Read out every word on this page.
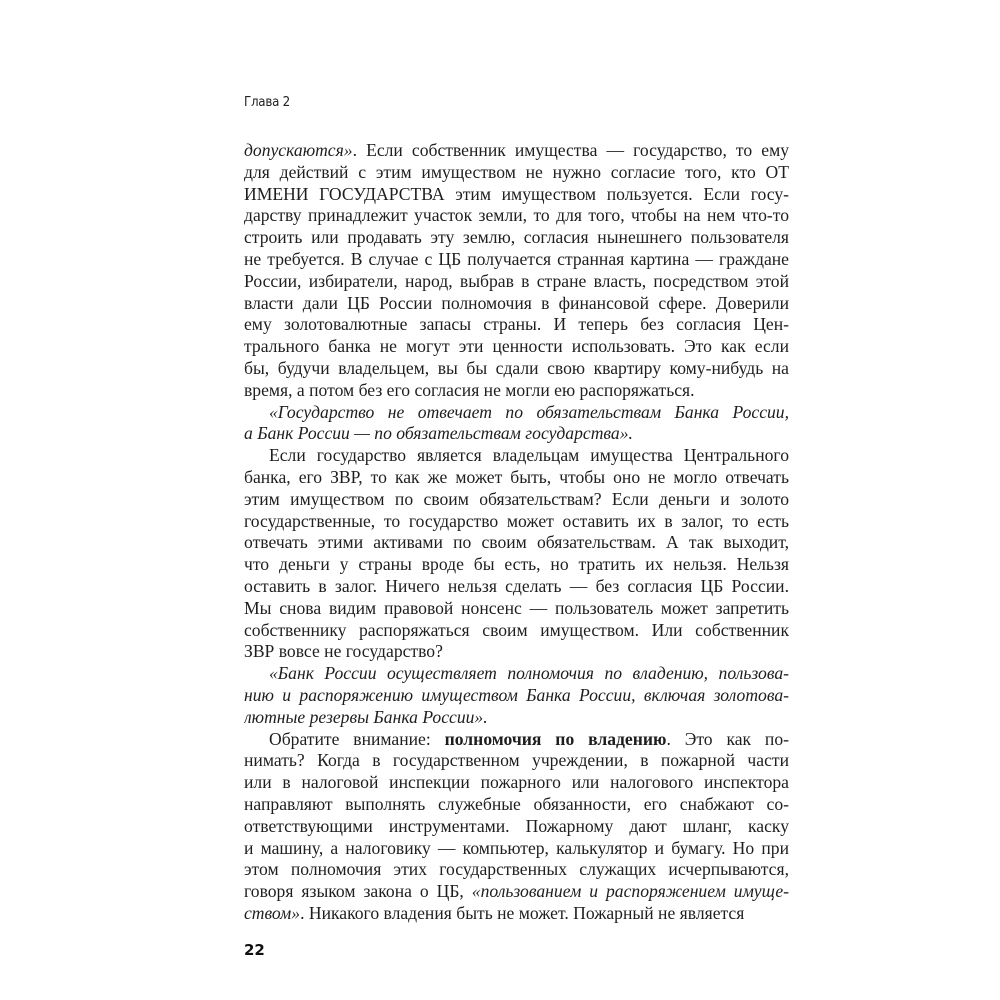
Глава 2
допускаются». Если собственник имущества — государство, то ему
для действий с этим имуществом не нужно согласие того, кто ОТ
ИМЕНИ ГОСУДАРСТВА этим имуществом пользуется. Если госу-
дарству принадлежит участок земли, то для того, чтобы на нем что-то
строить или продавать эту землю, согласия нынешнего пользователя
не требуется. В случае с ЦБ получается странная картина — граждане
России, избиратели, народ, выбрав в стране власть, посредством этой
власти дали ЦБ России полномочия в финансовой сфере. Доверили
ему золотовалютные запасы страны. И теперь без согласия Цен-
трального банка не могут эти ценности использовать. Это как если
бы, будучи владельцем, вы бы сдали свою квартиру кому-нибудь на
время, а потом без его согласия не могли ею распоряжаться.
«Государство не отвечает по обязательствам Банка России,
а Банк России — по обязательствам государства».
Если государство является владельцам имущества Центрального
банка, его ЗВР, то как же может быть, чтобы оно не могло отвечать
этим имуществом по своим обязательствам? Если деньги и золото
государственные, то государство может оставить их в залог, то есть
отвечать этими активами по своим обязательствам. А так выходит,
что деньги у страны вроде бы есть, но тратить их нельзя. Нельзя
оставить в залог. Ничего нельзя сделать — без согласия ЦБ России.
Мы снова видим правовой нонсенс — пользователь может запретить
собственнику распоряжаться своим имуществом. Или собственник
ЗВР вовсе не государство?
«Банк России осуществляет полномочия по владению, пользова-
нию и распоряжению имуществом Банка России, включая золотова-
лютные резервы Банка России».
Обратите внимание: полномочия по владению. Это как по-
нимать? Когда в государственном учреждении, в пожарной части
или в налоговой инспекции пожарного или налогового инспектора
направляют выполнять служебные обязанности, его снабжают со-
ответствующими инструментами. Пожарному дают шланг, каску
и машину, а налоговику — компьютер, калькулятор и бумагу. Но при
этом полномочия этих государственных служащих исчерпываются,
говоря языком закона о ЦБ, «пользованием и распоряжением имуще-
ством». Никакого владения быть не может. Пожарный не является
22
